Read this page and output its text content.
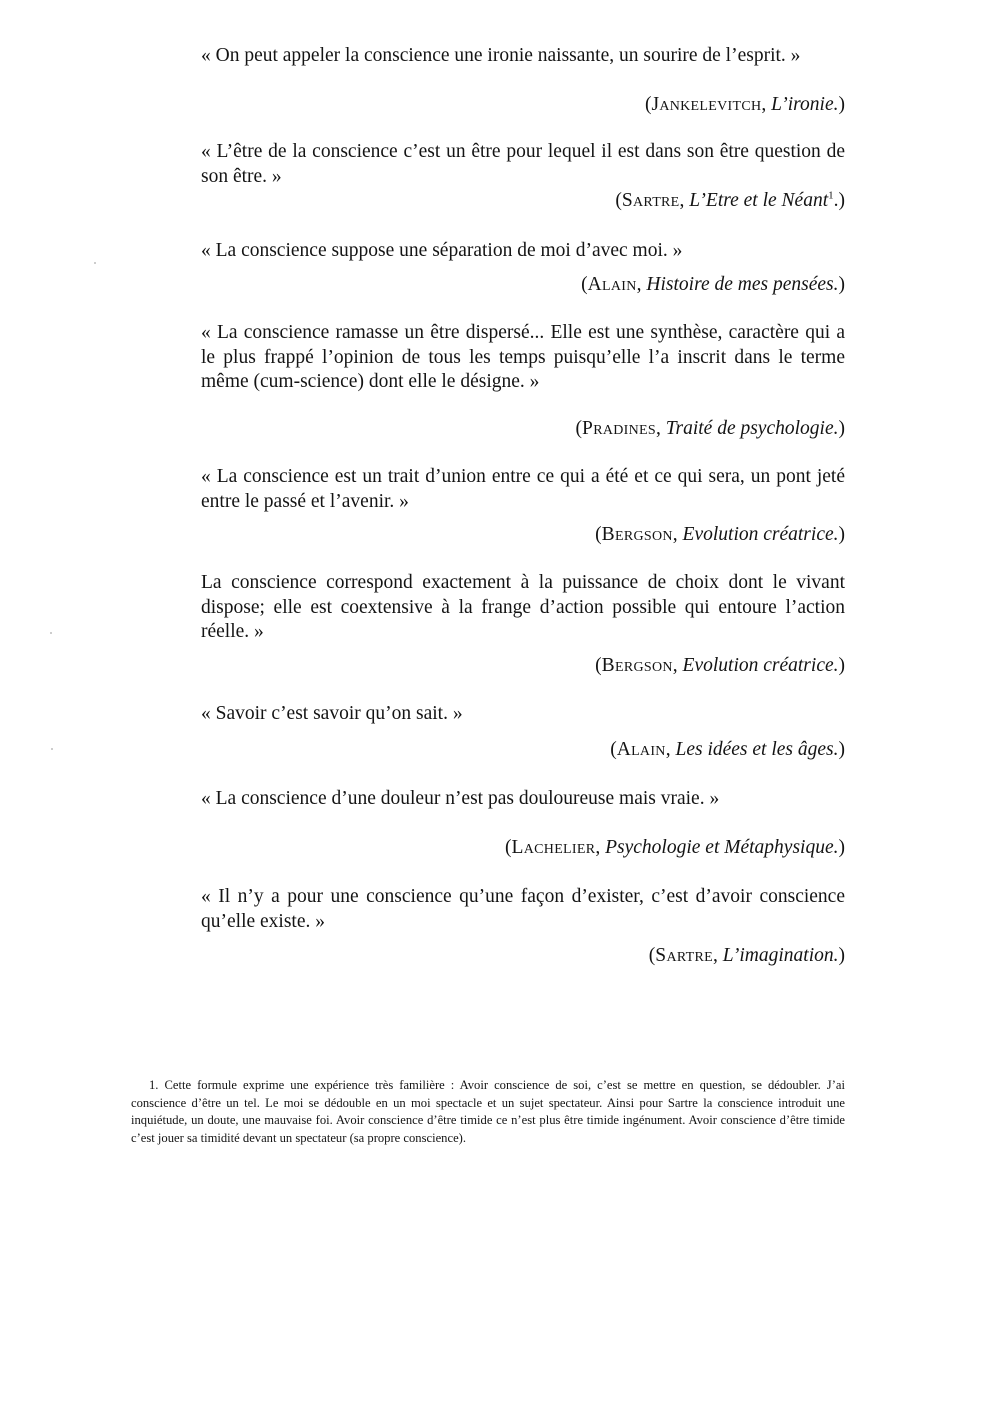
« On peut appeler la conscience une ironie naissante, un sourire de l’esprit. »

(Jankelevitch, L’ironie.)

« L’être de la conscience c’est un être pour lequel il est dans son être question de son être. »

(Sartre, L’Etre et le Néant$^1$.)

« La conscience suppose une séparation de moi d’avec moi. »

(Alain, Histoire de mes pensées.)

« La conscience ramasse un être dispersé... Elle est une synthèse, caractère qui a le plus frappé l’opinion de tous les temps puisqu’elle l’a inscrit dans le terme même (cum-science) dont elle le désigne. »

(Pradines, Traité de psychologie.)

« La conscience est un trait d’union entre ce qui a été et ce qui sera, un pont jeté entre le passé et l’avenir. »

(Bergson, Evolution créatrice.)

La conscience correspond exactement à la puissance de choix dont le vivant dispose; elle est coextensive à la frange d’action possible qui entoure l’action réelle. »

(Bergson, Evolution créatrice.)

« Savoir c’est savoir qu’on sait. »

(Alain, Les idées et les âges.)

« La conscience d’une douleur n’est pas douloureuse mais vraie. »

(Lachelier, Psychologie et Métaphysique.)

« Il n’y a pour une conscience qu’une façon d’exister, c’est d’avoir conscience qu’elle existe. »

(Sartre, L’imagination.)

1. Cette formule exprime une expérience très familière : Avoir conscience de soi, c’est se mettre en question, se dédoubler. J’ai conscience d’être un tel. Le moi se dédouble en un moi spectacle et un sujet spectateur. Ainsi pour Sartre la conscience introduit une inquiétude, un doute, une mauvaise foi. Avoir conscience d’être timide ce n’est plus être timide ingénument. Avoir conscience d’être timide c’est jouer sa timidité devant un spectateur (sa propre conscience).
